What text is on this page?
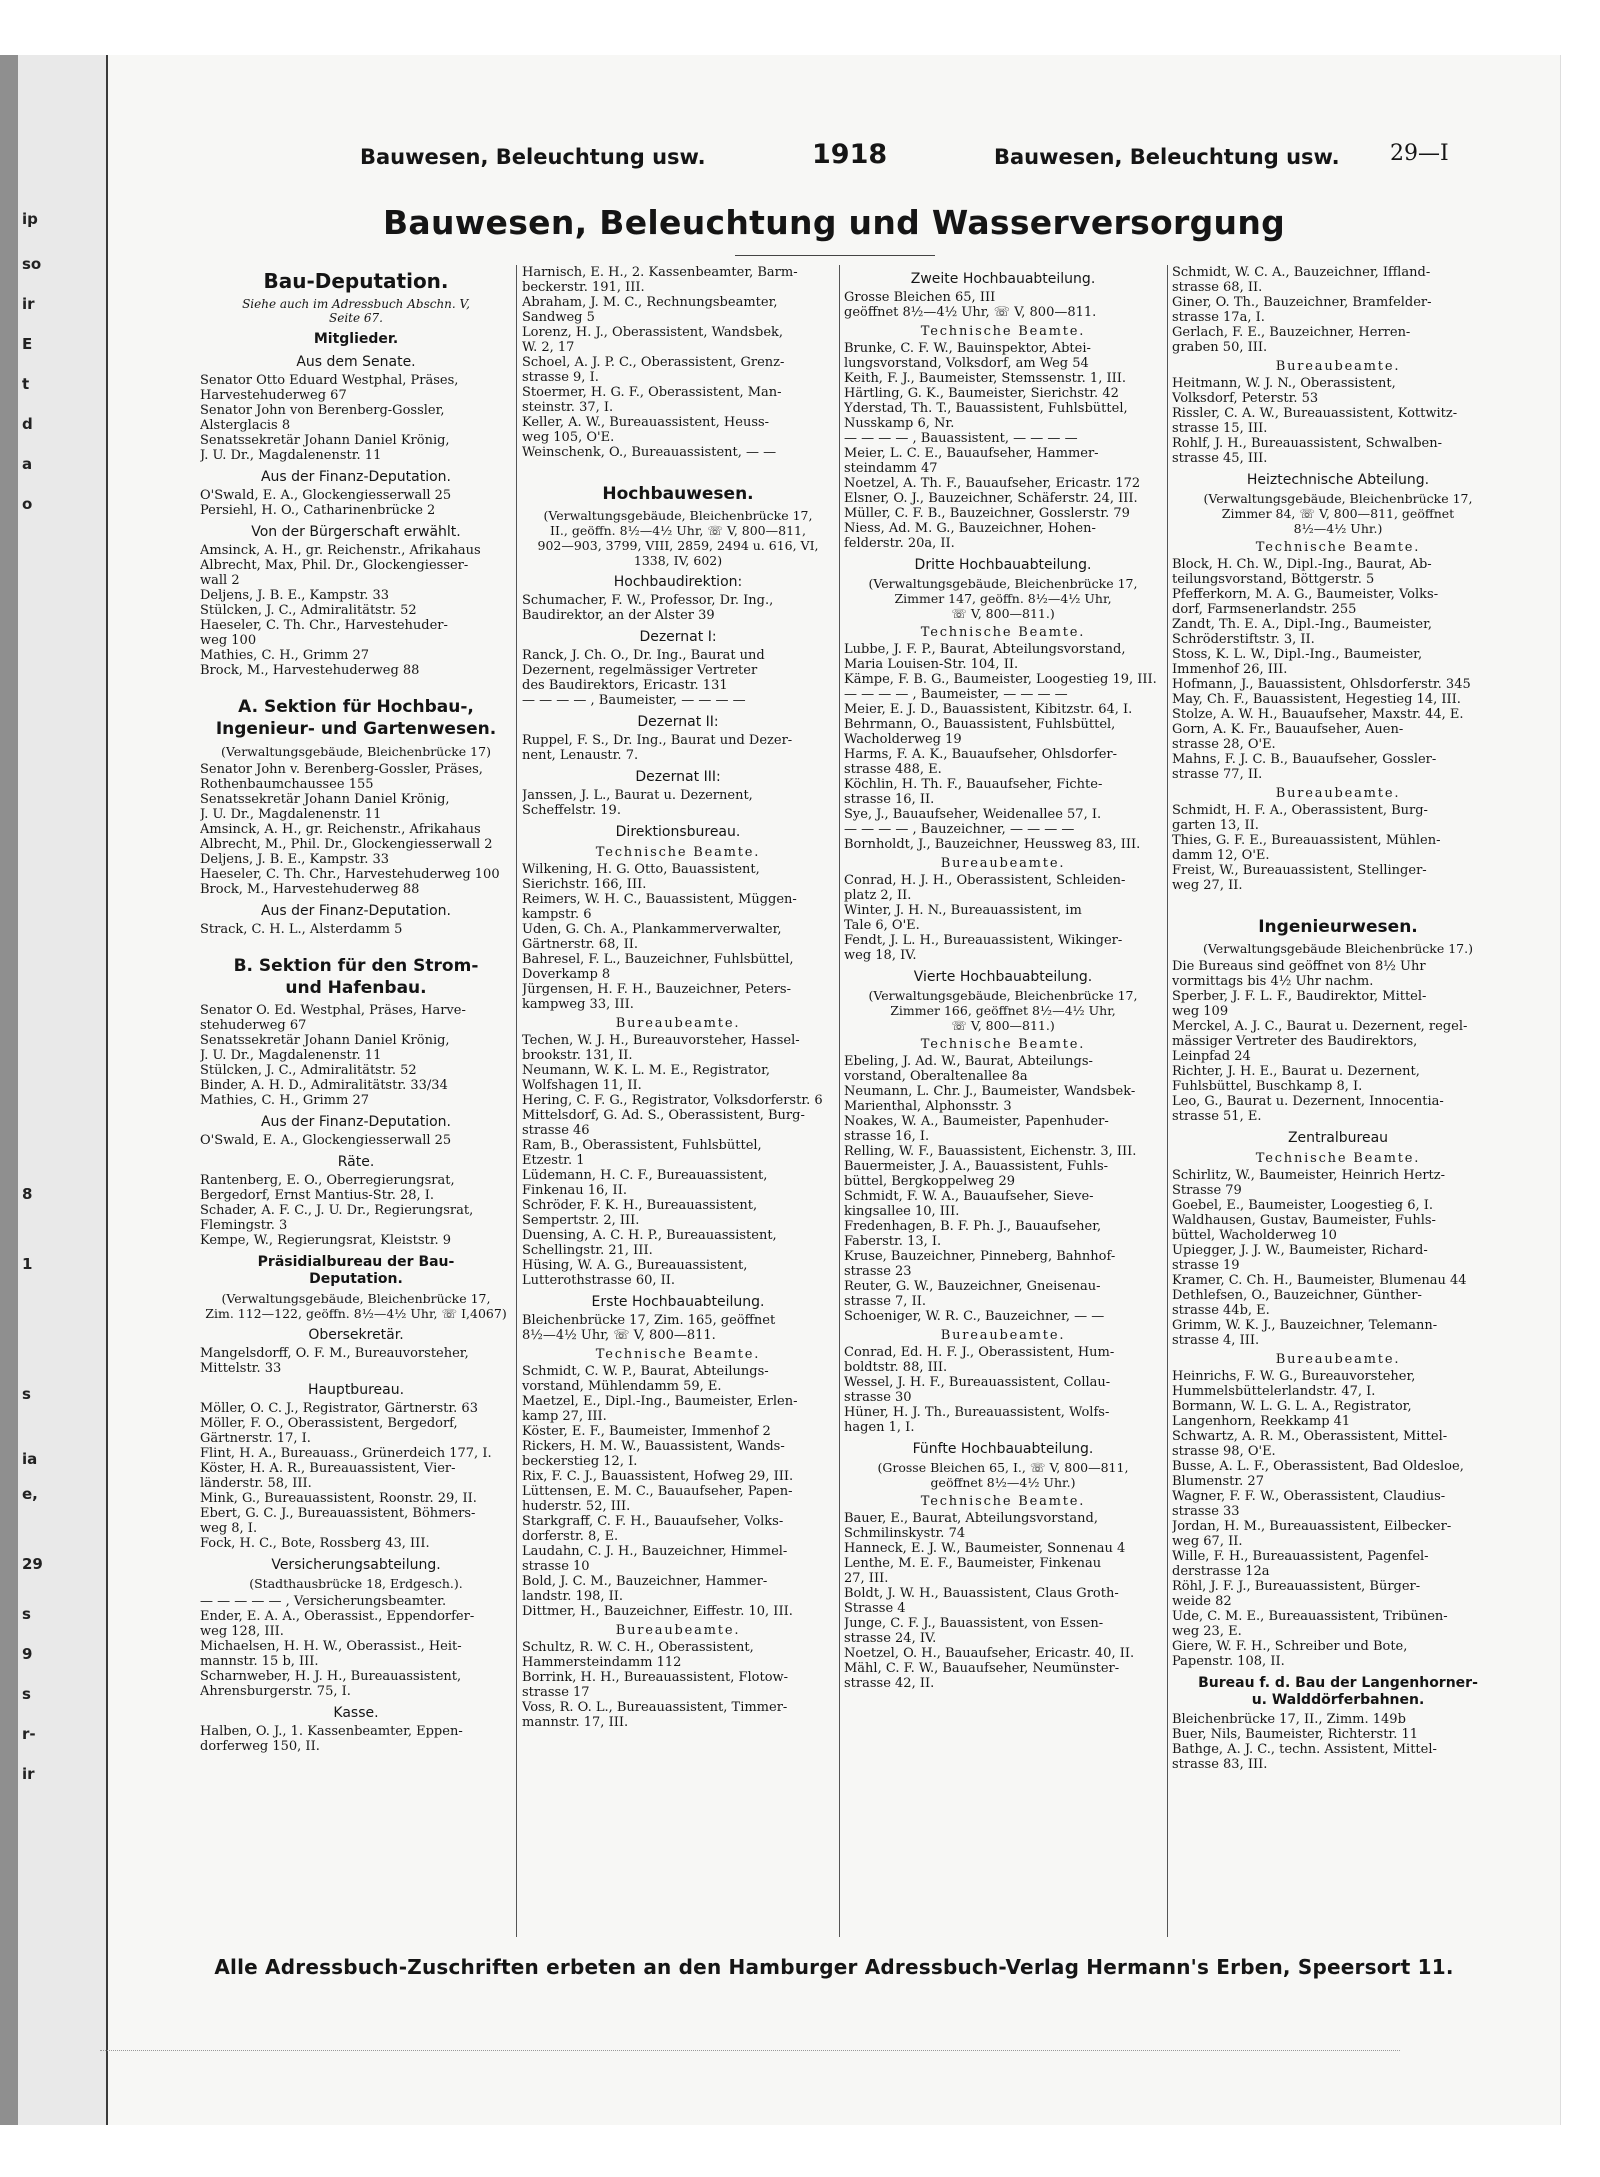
ip
so
ir
E
t
d
a
o
8
1
s
ia
e,
29
s
9
s
r-
ir
Bauwesen, Beleuchtung usw.	1918	Bauwesen, Beleuchtung usw. 29—I
Bauwesen, Beleuchtung und Wasserversorgung
Bau-Deputation.
Siehe auch im Adressbuch Abschn. V,
Seite 67.
Mitglieder.
Aus dem Senate.
Senator Otto Eduard Westphal, Präses,
Harvestehuderweg 67
Senator John von Berenberg-Gossler,
Alsterglacis 8
Senatssekretär Johann Daniel Krönig,
J. U. Dr., Magdalenenstr. 11
Aus der Finanz-Deputation.
O'Swald, E. A., Glockengiesserwall 25
Persiehl, H. O., Catharinenbrücke 2
Von der Bürgerschaft erwählt.
Amsinck, A. H., gr. Reichenstr., Afrikahaus
Albrecht, Max, Phil. Dr., Glockengiesser-
wall 2
Deljens, J. B. E., Kampstr. 33
Stülcken, J. C., Admiralitätstr. 52
Haeseler, C. Th. Chr., Harvestehuder-
weg 100
Mathies, C. H., Grimm 27
Brock, M., Harvestehuderweg 88
A. Sektion für Hochbau-,
Ingenieur- und Gartenwesen.
(Verwaltungsgebäude, Bleichenbrücke 17)
Senator John v. Berenberg-Gossler, Präses,
Rothenbaumchaussee 155
Senatssekretär Johann Daniel Krönig,
J. U. Dr., Magdalenenstr. 11
Amsinck, A. H., gr. Reichenstr., Afrikahaus
Albrecht, M., Phil. Dr., Glockengiesserwall 2
Deljens, J. B. E., Kampstr. 33
Haeseler, C. Th. Chr., Harvestehuderweg 100
Brock, M., Harvestehuderweg 88
Aus der Finanz-Deputation.
Strack, C. H. L., Alsterdamm 5
B. Sektion für den Strom-
und Hafenbau.
Senator O. Ed. Westphal, Präses, Harve-
stehuderweg 67
Senatssekretär Johann Daniel Krönig,
J. U. Dr., Magdalenenstr. 11
Stülcken, J. C., Admiralitätstr. 52
Binder, A. H. D., Admiralitätstr. 33/34
Mathies, C. H., Grimm 27
Aus der Finanz-Deputation.
O'Swald, E. A., Glockengiesserwall 25
Räte.
Rantenberg, E. O., Oberregierungsrat,
Bergedorf, Ernst Mantius-Str. 28, I.
Schader, A. F. C., J. U. Dr., Regierungsrat,
Flemingstr. 3
Kempe, W., Regierungsrat, Kleiststr. 9
Präsidialbureau der Bau-
Deputation.
(Verwaltungsgebäude, Bleichenbrücke 17,
Zim. 112—122, geöffn. 8½—4½ Uhr, ☏ I,4067)
Obersekretär.
Mangelsdorff, O. F. M., Bureauvorsteher,
Mittelstr. 33
Hauptbureau.
Möller, O. C. J., Registrator, Gärtnerstr. 63
Möller, F. O., Oberassistent, Bergedorf,
Gärtnerstr. 17, I.
Flint, H. A., Bureauass., Grünerdeich 177, I.
Köster, H. A. R., Bureauassistent, Vier-
länderstr. 58, III.
Mink, G., Bureauassistent, Roonstr. 29, II.
Ebert, G. C. J., Bureauassistent, Böhmers-
weg 8, I.
Fock, H. C., Bote, Rossberg 43, III.
Versicherungsabteilung.
(Stadthausbrücke 18, Erdgesch.).
— — — — — , Versicherungsbeamter.
Ender, E. A. A., Oberassist., Eppendorfer-
weg 128, III.
Michaelsen, H. H. W., Oberassist., Heit-
mannstr. 15 b, III.
Scharnweber, H. J. H., Bureauassistent,
Ahrensburgerstr. 75, I.
Kasse.
Halben, O. J., 1. Kassenbeamter, Eppen-
dorferweg 150, II.
Harnisch, E. H., 2. Kassenbeamter, Barm-
beckerstr. 191, III.
Abraham, J. M. C., Rechnungsbeamter,
Sandweg 5
Lorenz, H. J., Oberassistent, Wandsbek,
W. 2, 17
Schoel, A. J. P. C., Oberassistent, Grenz-
strasse 9, I.
Stoermer, H. G. F., Oberassistent, Man-
steinstr. 37, I.
Keller, A. W., Bureauassistent, Heuss-
weg 105, O'E.
Weinschenk, O., Bureauassistent, — —
Hochbauwesen.
(Verwaltungsgebäude, Bleichenbrücke 17,
II., geöffn. 8½—4½ Uhr, ☏ V, 800—811,
902—903, 3799, VIII, 2859, 2494 u. 616, VI,
1338, IV, 602)
Hochbaudirektion:
Schumacher, F. W., Professor, Dr. Ing.,
Baudirektor, an der Alster 39
Dezernat I:
Ranck, J. Ch. O., Dr. Ing., Baurat und
Dezernent, regelmässiger Vertreter
des Baudirektors, Ericastr. 131
— — — — , Baumeister, — — — —
Dezernat II:
Ruppel, F. S., Dr. Ing., Baurat und Dezer-
nent, Lenaustr. 7.
Dezernat III:
Janssen, J. L., Baurat u. Dezernent,
Scheffelstr. 19.
Direktionsbureau.
Technische Beamte.
Wilkening, H. G. Otto, Bauassistent,
Sierichstr. 166, III.
Reimers, W. H. C., Bauassistent, Müggen-
kampstr. 6
Uden, G. Ch. A., Plankammerverwalter,
Gärtnerstr. 68, II.
Bahresel, F. L., Bauzeichner, Fuhlsbüttel,
Doverkamp 8
Jürgensen, H. F. H., Bauzeichner, Peters-
kampweg 33, III.
Bureaubeamte.
Techen, W. J. H., Bureauvorsteher, Hassel-
brookstr. 131, II.
Neumann, W. K. L. M. E., Registrator,
Wolfshagen 11, II.
Hering, C. F. G., Registrator, Volksdorferstr. 6
Mittelsdorf, G. Ad. S., Oberassistent, Burg-
strasse 46
Ram, B., Oberassistent, Fuhlsbüttel,
Etzestr. 1
Lüdemann, H. C. F., Bureauassistent,
Finkenau 16, II.
Schröder, F. K. H., Bureauassistent,
Sempertstr. 2, III.
Duensing, A. C. H. P., Bureauassistent,
Schellingstr. 21, III.
Hüsing, W. A. G., Bureauassistent,
Lutterothstrasse 60, II.
Erste Hochbauabteilung.
Bleichenbrücke 17, Zim. 165, geöffnet
8½—4½ Uhr, ☏ V, 800—811.
Technische Beamte.
Schmidt, C. W. P., Baurat, Abteilungs-
vorstand, Mühlendamm 59, E.
Maetzel, E., Dipl.-Ing., Baumeister, Erlen-
kamp 27, III.
Köster, E. F., Baumeister, Immenhof 2
Rickers, H. M. W., Bauassistent, Wands-
beckerstieg 12, I.
Rix, F. C. J., Bauassistent, Hofweg 29, III.
Lüttensen, E. M. C., Bauaufseher, Papen-
huderstr. 52, III.
Starkgraff, C. F. H., Bauaufseher, Volks-
dorferstr. 8, E.
Laudahn, C. J. H., Bauzeichner, Himmel-
strasse 10
Bold, J. C. M., Bauzeichner, Hammer-
landstr. 198, II.
Dittmer, H., Bauzeichner, Eiffestr. 10, III.
Bureaubeamte.
Schultz, R. W. C. H., Oberassistent,
Hammersteindamm 112
Borrink, H. H., Bureauassistent, Flotow-
strasse 17
Voss, R. O. L., Bureauassistent, Timmer-
mannstr. 17, III.
Zweite Hochbauabteilung.
Grosse Bleichen 65, III
geöffnet 8½—4½ Uhr, ☏ V, 800—811.
Technische Beamte.
Brunke, C. F. W., Bauinspektor, Abtei-
lungsvorstand, Volksdorf, am Weg 54
Keith, F. J., Baumeister, Stemssenstr. 1, III.
Härtling, G. K., Baumeister, Sierichstr. 42
Yderstad, Th. T., Bauassistent, Fuhlsbüttel,
Nusskamp 6, Nr.
— — — — , Bauassistent, — — — —
Meier, L. C. E., Bauaufseher, Hammer-
steindamm 47
Noetzel, A. Th. F., Bauaufseher, Ericastr. 172
Elsner, O. J., Bauzeichner, Schäferstr. 24, III.
Müller, C. F. B., Bauzeichner, Gosslerstr. 79
Niess, Ad. M. G., Bauzeichner, Hohen-
felderstr. 20a, II.
Dritte Hochbauabteilung.
(Verwaltungsgebäude, Bleichenbrücke 17,
Zimmer 147, geöffn. 8½—4½ Uhr,
☏ V, 800—811.)
Technische Beamte.
Lubbe, J. F. P., Baurat, Abteilungsvorstand,
Maria Louisen-Str. 104, II.
Kämpe, F. B. G., Baumeister, Loogestieg 19, III.
— — — — , Baumeister, — — — —
Meier, E. J. D., Bauassistent, Kibitzstr. 64, I.
Behrmann, O., Bauassistent, Fuhlsbüttel,
Wacholderweg 19
Harms, F. A. K., Bauaufseher, Ohlsdorfer-
strasse 488, E.
Köchlin, H. Th. F., Bauaufseher, Fichte-
strasse 16, II.
Sye, J., Bauaufseher, Weidenallee 57, I.
— — — — , Bauzeichner, — — — —
Bornholdt, J., Bauzeichner, Heussweg 83, III.
Bureaubeamte.
Conrad, H. J. H., Oberassistent, Schleiden-
platz 2, II.
Winter, J. H. N., Bureauassistent, im
Tale 6, O'E.
Fendt, J. L. H., Bureauassistent, Wikinger-
weg 18, IV.
Vierte Hochbauabteilung.
(Verwaltungsgebäude, Bleichenbrücke 17,
Zimmer 166, geöffnet 8½—4½ Uhr,
☏ V, 800—811.)
Technische Beamte.
Ebeling, J. Ad. W., Baurat, Abteilungs-
vorstand, Oberaltenallee 8a
Neumann, L. Chr. J., Baumeister, Wandsbek-
Marienthal, Alphonsstr. 3
Noakes, W. A., Baumeister, Papenhuder-
strasse 16, I.
Relling, W. F., Bauassistent, Eichenstr. 3, III.
Bauermeister, J. A., Bauassistent, Fuhls-
büttel, Bergkoppelweg 29
Schmidt, F. W. A., Bauaufseher, Sieve-
kingsallee 10, III.
Fredenhagen, B. F. Ph. J., Bauaufseher,
Faberstr. 13, I.
Kruse, Bauzeichner, Pinneberg, Bahnhof-
strasse 23
Reuter, G. W., Bauzeichner, Gneisenau-
strasse 7, II.
Schoeniger, W. R. C., Bauzeichner, — —
Bureaubeamte.
Conrad, Ed. H. F. J., Oberassistent, Hum-
boldtstr. 88, III.
Wessel, J. H. F., Bureauassistent, Collau-
strasse 30
Hüner, H. J. Th., Bureauassistent, Wolfs-
hagen 1, I.
Fünfte Hochbauabteilung.
(Grosse Bleichen 65, I., ☏ V, 800—811,
geöffnet 8½—4½ Uhr.)
Technische Beamte.
Bauer, E., Baurat, Abteilungsvorstand,
Schmilinskystr. 74
Hanneck, E. J. W., Baumeister, Sonnenau 4
Lenthe, M. E. F., Baumeister, Finkenau
27, III.
Boldt, J. W. H., Bauassistent, Claus Groth-
Strasse 4
Junge, C. F. J., Bauassistent, von Essen-
strasse 24, IV.
Noetzel, O. H., Bauaufseher, Ericastr. 40, II.
Mähl, C. F. W., Bauaufseher, Neumünster-
strasse 42, II.
Schmidt, W. C. A., Bauzeichner, Iffland-
strasse 68, II.
Giner, O. Th., Bauzeichner, Bramfelder-
strasse 17a, I.
Gerlach, F. E., Bauzeichner, Herren-
graben 50, III.
Bureaubeamte.
Heitmann, W. J. N., Oberassistent,
Volksdorf, Peterstr. 53
Rissler, C. A. W., Bureauassistent, Kottwitz-
strasse 15, III.
Rohlf, J. H., Bureauassistent, Schwalben-
strasse 45, III.
Heiztechnische Abteilung.
(Verwaltungsgebäude, Bleichenbrücke 17,
Zimmer 84, ☏ V, 800—811, geöffnet
8½—4½ Uhr.)
Technische Beamte.
Block, H. Ch. W., Dipl.-Ing., Baurat, Ab-
teilungsvorstand, Böttgerstr. 5
Pfefferkorn, M. A. G., Baumeister, Volks-
dorf, Farmsenerlandstr. 255
Zandt, Th. E. A., Dipl.-Ing., Baumeister,
Schröderstiftstr. 3, II.
Stoss, K. L. W., Dipl.-Ing., Baumeister,
Immenhof 26, III.
Hofmann, J., Bauassistent, Ohlsdorferstr. 345
May, Ch. F., Bauassistent, Hegestieg 14, III.
Stolze, A. W. H., Bauaufseher, Maxstr. 44, E.
Gorn, A. K. Fr., Bauaufseher, Auen-
strasse 28, O'E.
Mahns, F. J. C. B., Bauaufseher, Gossler-
strasse 77, II.
Bureaubeamte.
Schmidt, H. F. A., Oberassistent, Burg-
garten 13, II.
Thies, G. F. E., Bureauassistent, Mühlen-
damm 12, O'E.
Freist, W., Bureauassistent, Stellinger-
weg 27, II.
Ingenieurwesen.
(Verwaltungsgebäude Bleichenbrücke 17.)
Die Bureaus sind geöffnet von 8½ Uhr
vormittags bis 4½ Uhr nachm.
Sperber, J. F. L. F., Baudirektor, Mittel-
weg 109
Merckel, A. J. C., Baurat u. Dezernent, regel-
mässiger Vertreter des Baudirektors,
Leinpfad 24
Richter, J. H. E., Baurat u. Dezernent,
Fuhlsbüttel, Buschkamp 8, I.
Leo, G., Baurat u. Dezernent, Innocentia-
strasse 51, E.
Zentralbureau
Technische Beamte.
Schirlitz, W., Baumeister, Heinrich Hertz-
Strasse 79
Goebel, E., Baumeister, Loogestieg 6, I.
Waldhausen, Gustav, Baumeister, Fuhls-
büttel, Wacholderweg 10
Upiegger, J. J. W., Baumeister, Richard-
strasse 19
Kramer, C. Ch. H., Baumeister, Blumenau 44
Dethlefsen, O., Bauzeichner, Günther-
strasse 44b, E.
Grimm, W. K. J., Bauzeichner, Telemann-
strasse 4, III.
Bureaubeamte.
Heinrichs, F. W. G., Bureauvorsteher,
Hummelsbüttelerlandstr. 47, I.
Bormann, W. L. G. L. A., Registrator,
Langenhorn, Reekkamp 41
Schwartz, A. R. M., Oberassistent, Mittel-
strasse 98, O'E.
Busse, A. L. F., Oberassistent, Bad Oldesloe,
Blumenstr. 27
Wagner, F. F. W., Oberassistent, Claudius-
strasse 33
Jordan, H. M., Bureauassistent, Eilbecker-
weg 67, II.
Wille, F. H., Bureauassistent, Pagenfel-
derstrasse 12a
Röhl, J. F. J., Bureauassistent, Bürger-
weide 82
Ude, C. M. E., Bureauassistent, Tribünen-
weg 23, E.
Giere, W. F. H., Schreiber und Bote,
Papenstr. 108, II.
Bureau f. d. Bau der Langenhorner-
u. Walddörferbahnen.
Bleichenbrücke 17, II., Zimm. 149b
Buer, Nils, Baumeister, Richterstr. 11
Bathge, A. J. C., techn. Assistent, Mittel-
strasse 83, III.
Alle Adressbuch-Zuschriften erbeten an den Hamburger Adressbuch-Verlag Hermann's Erben, Speersort 11.
